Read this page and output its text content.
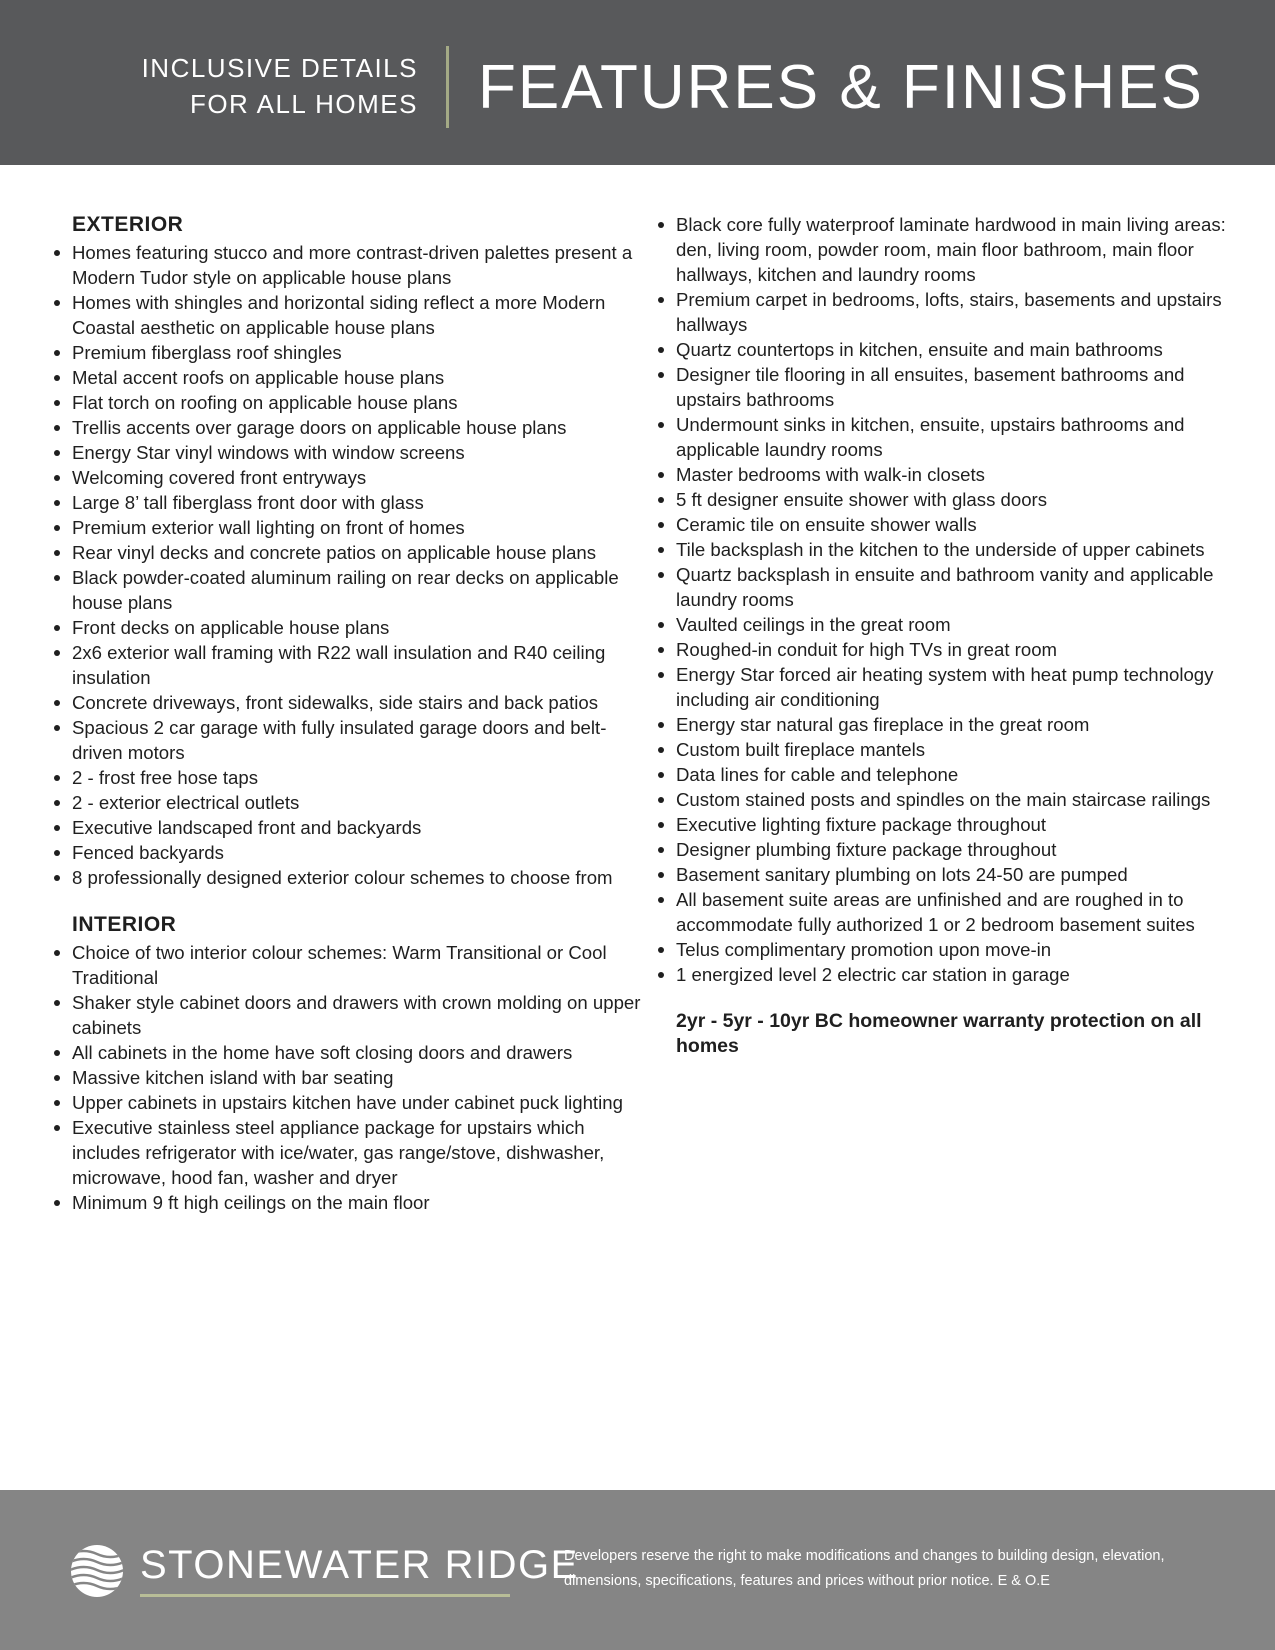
INCLUSIVE DETAILS
FOR ALL HOMES FEATURES & FINISHES
EXTERIOR
Homes featuring stucco and more contrast-driven palettes present a Modern Tudor style on applicable house plans
Homes with shingles and horizontal siding reflect a more Modern Coastal aesthetic on applicable house plans
Premium fiberglass roof shingles
Metal accent roofs on applicable house plans
Flat torch on roofing on applicable house plans
Trellis accents over garage doors on applicable house plans
Energy Star vinyl windows with window screens
Welcoming covered front entryways
Large 8’ tall fiberglass front door with glass
Premium exterior wall lighting on front of homes
Rear vinyl decks and concrete patios on applicable house plans
Black powder-coated aluminum railing on rear decks on applicable house plans
Front decks on applicable house plans
2x6 exterior wall framing with R22 wall insulation and R40 ceiling insulation
Concrete driveways, front sidewalks, side stairs and back patios
Spacious 2 car garage with fully insulated garage doors and belt-driven motors
2 - frost free hose taps
2 - exterior electrical outlets
Executive landscaped front and backyards
Fenced backyards
8 professionally designed exterior colour schemes to choose from
INTERIOR
Choice of two interior colour schemes: Warm Transitional or Cool Traditional
Shaker style cabinet doors and drawers with crown molding on upper cabinets
All cabinets in the home have soft closing doors and drawers
Massive kitchen island with bar seating
Upper cabinets in upstairs kitchen have under cabinet puck lighting
Executive stainless steel appliance package for upstairs which includes refrigerator with ice/water, gas range/stove, dishwasher, microwave, hood fan, washer and dryer
Minimum 9 ft high ceilings on the main floor
Black core fully waterproof laminate hardwood in main living areas: den, living room, powder room, main floor bathroom, main floor hallways, kitchen and laundry rooms
Premium carpet in bedrooms, lofts, stairs, basements and upstairs hallways
Quartz countertops in kitchen, ensuite and main bathrooms
Designer tile flooring in all ensuites, basement bathrooms and upstairs bathrooms
Undermount sinks in kitchen, ensuite, upstairs bathrooms and applicable laundry rooms
Master bedrooms with walk-in closets
5 ft designer ensuite shower with glass doors
Ceramic tile on ensuite shower walls
Tile backsplash in the kitchen to the underside of upper cabinets
Quartz backsplash in ensuite and bathroom vanity and applicable laundry rooms
Vaulted ceilings in the great room
Roughed-in conduit for high TVs in great room
Energy Star forced air heating system with heat pump technology including air conditioning
Energy star natural gas fireplace in the great room
Custom built fireplace mantels
Data lines for cable and telephone
Custom stained posts and spindles on the main staircase railings
Executive lighting fixture package throughout
Designer plumbing fixture package throughout
Basement sanitary plumbing on lots 24-50 are pumped
All basement suite areas are unfinished and are roughed in to accommodate fully authorized 1 or 2 bedroom basement suites
Telus complimentary promotion upon move-in
1 energized level 2 electric car station in garage
2yr - 5yr - 10yr BC homeowner warranty protection on all homes
STONEWATER RIDGE
Developers reserve the right to make modifications and changes to building design, elevation, dimensions, specifications, features and prices without prior notice. E & O.E
